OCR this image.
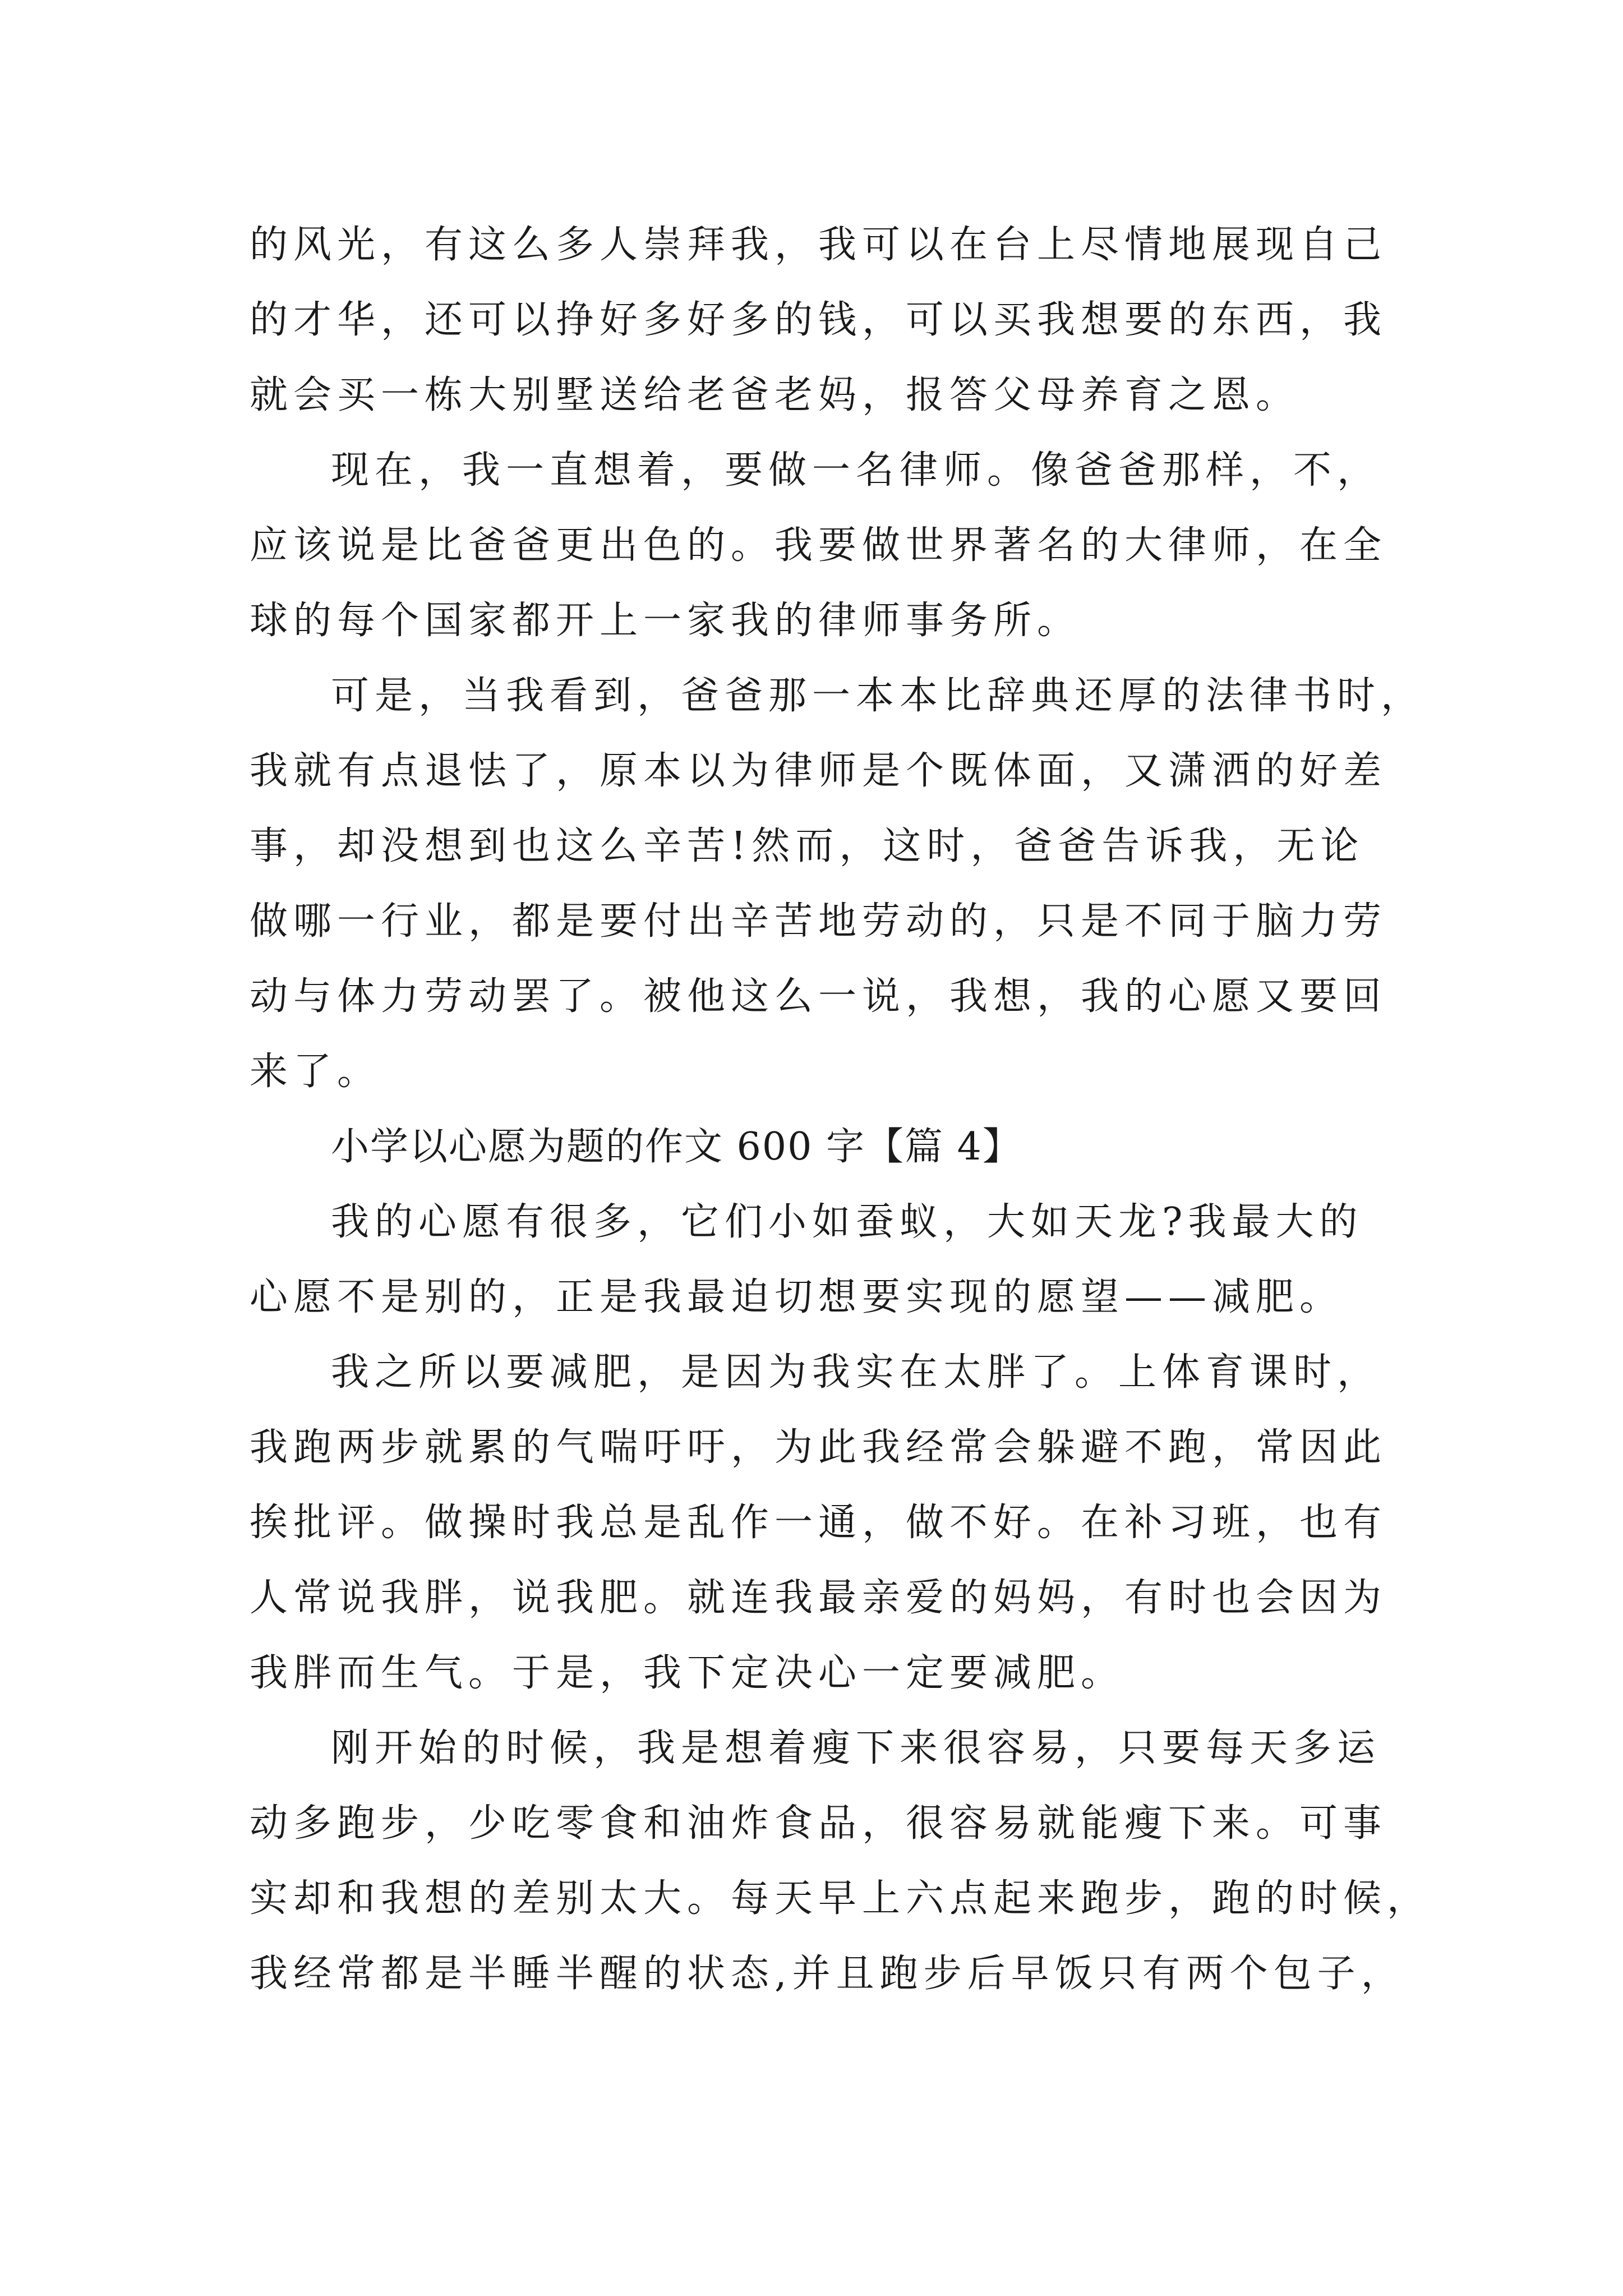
的风光，有这么多人崇拜我，我可以在台上尽情地展现自己
的才华，还可以挣好多好多的钱，可以买我想要的东西，我
就会买一栋大别墅送给老爸老妈，报答父母养育之恩。
现在，我一直想着，要做一名律师。像爸爸那样，不，
应该说是比爸爸更出色的。我要做世界著名的大律师，在全
球的每个国家都开上一家我的律师事务所。
可是，当我看到，爸爸那一本本比辞典还厚的法律书时，
我就有点退怯了，原本以为律师是个既体面，又潇洒的好差
事，却没想到也这么辛苦!然而，这时，爸爸告诉我，无论
做哪一行业，都是要付出辛苦地劳动的，只是不同于脑力劳
动与体力劳动罢了。被他这么一说，我想，我的心愿又要回
来了。
小学以心愿为题的作文 600 字【篇 4】
我的心愿有很多，它们小如蚕蚁，大如天龙?我最大的
心愿不是别的，正是我最迫切想要实现的愿望——减肥。
我之所以要减肥，是因为我实在太胖了。上体育课时，
我跑两步就累的气喘吁吁，为此我经常会躲避不跑，常因此
挨批评。做操时我总是乱作一通，做不好。在补习班，也有
人常说我胖，说我肥。就连我最亲爱的妈妈，有时也会因为
我胖而生气。于是，我下定决心一定要减肥。
刚开始的时候，我是想着瘦下来很容易，只要每天多运
动多跑步，少吃零食和油炸食品，很容易就能瘦下来。可事
实却和我想的差别太大。每天早上六点起来跑步，跑的时候，
我经常都是半睡半醒的状态,并且跑步后早饭只有两个包子，
